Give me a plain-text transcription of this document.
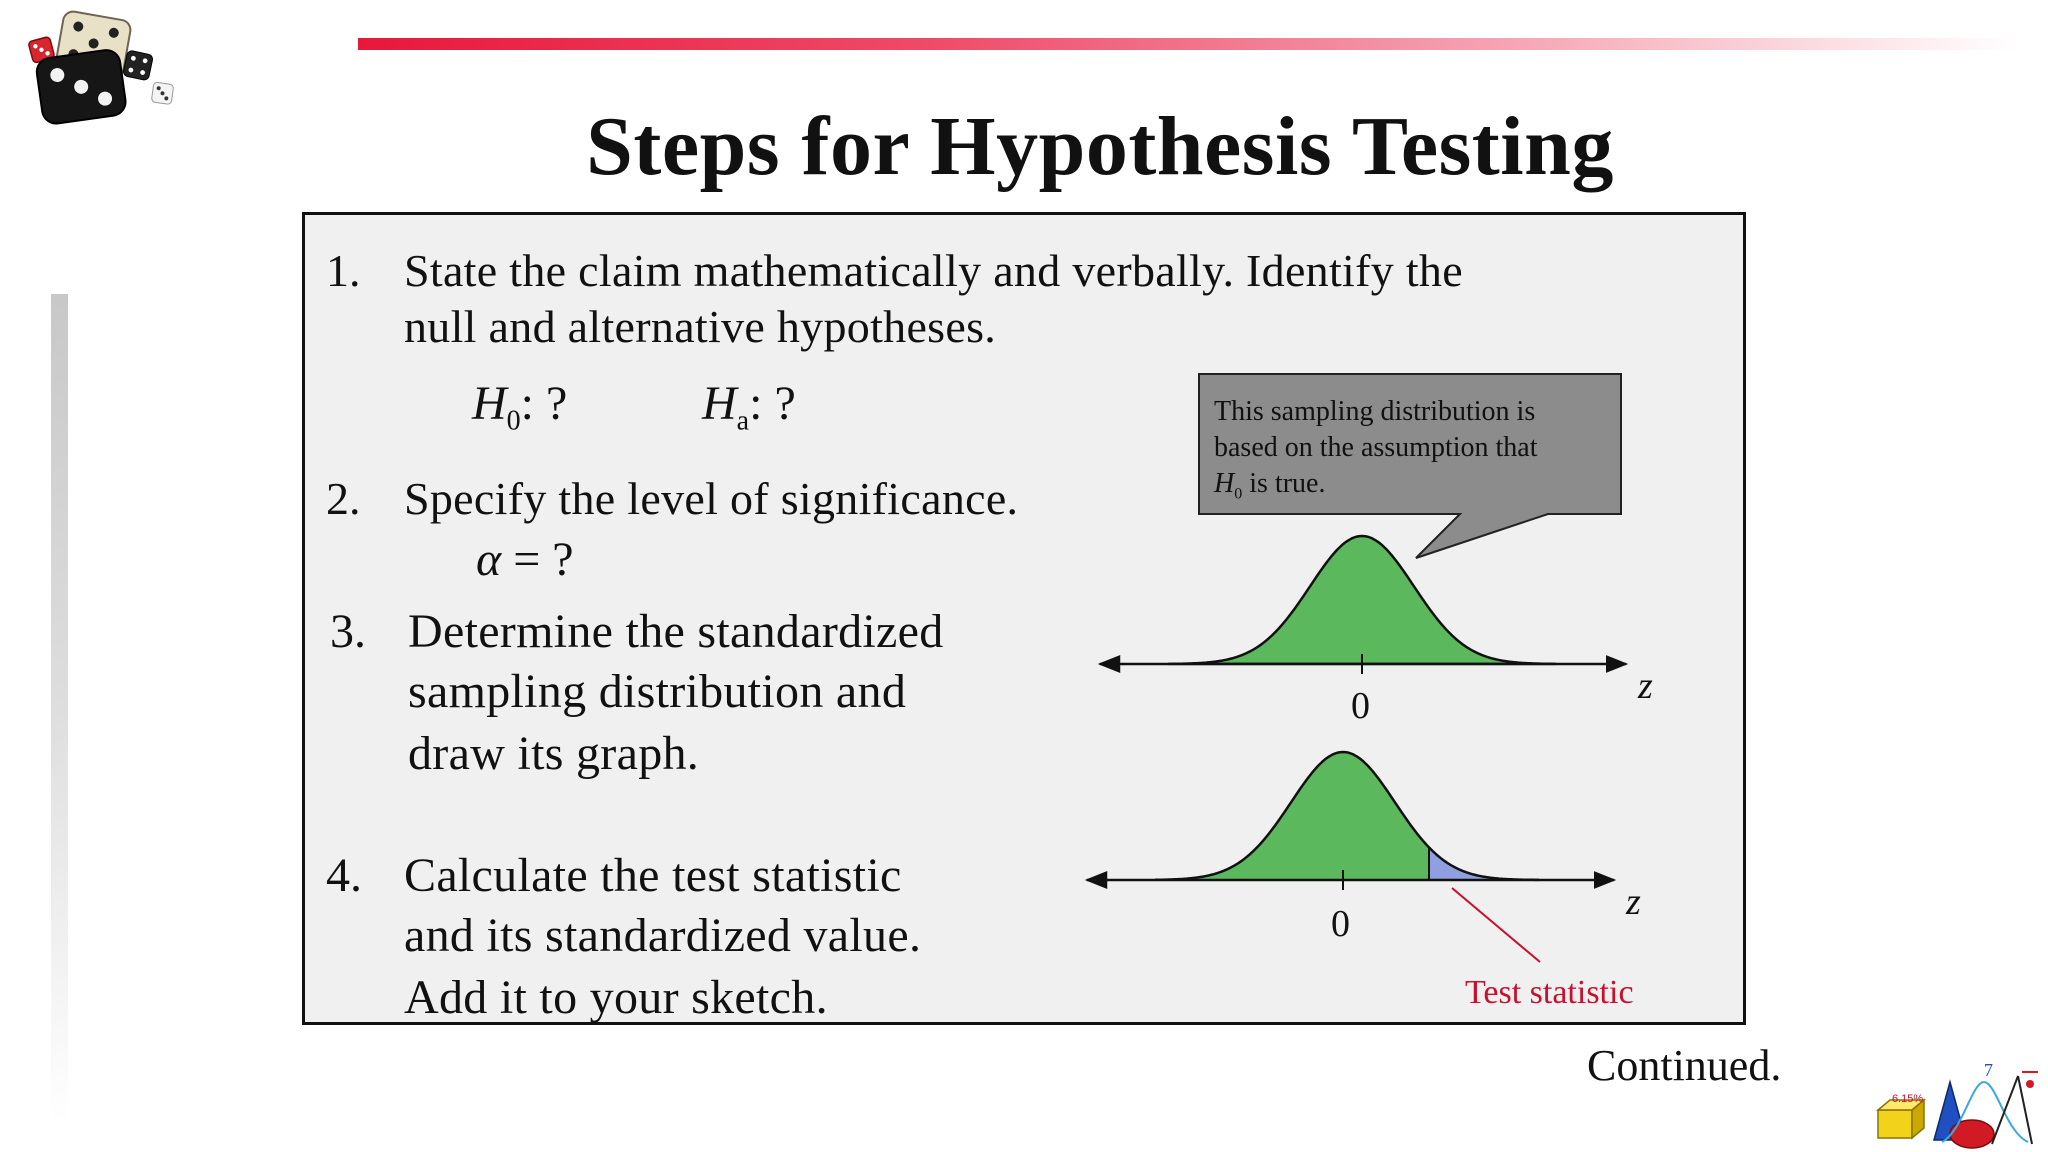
Steps for Hypothesis Testing
1. State the claim mathematically and verbally. Identify the
null and alternative hypotheses.
$H_0$: ?	$H_a$: ?
2. Specify the level of significance.
α = ?
3. Determine the standardized
sampling distribution and
draw its graph.
4. Calculate the test statistic
and its standardized value.
Add it to your sketch.
This sampling distribution is
based on the assumption that
$H_0$ is true.
z
0
z
0
Test statistic
Continued.
6.15%
7
